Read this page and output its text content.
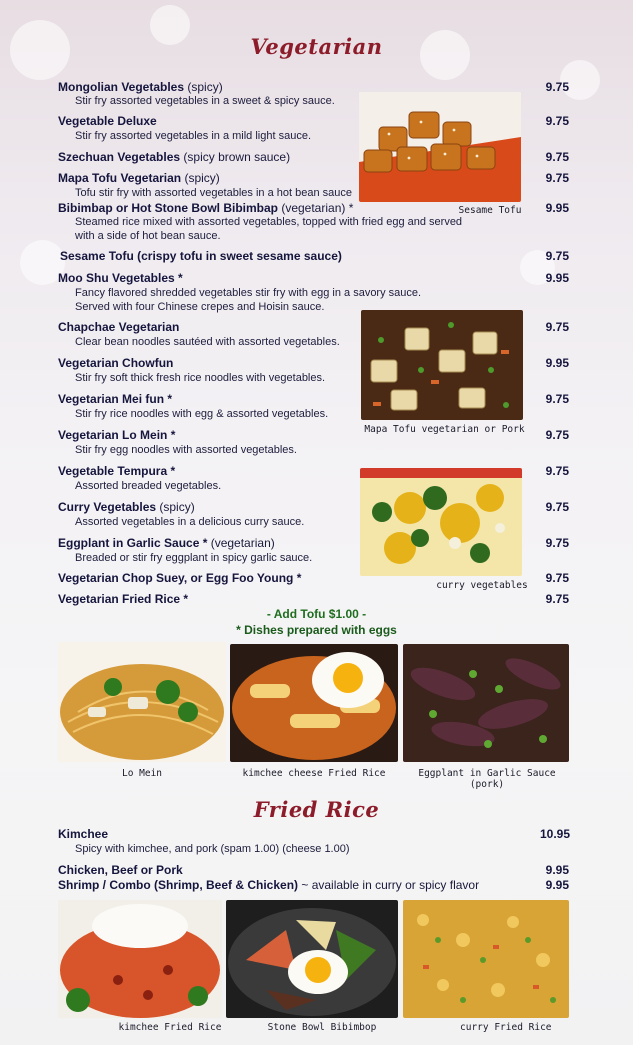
Vegetarian
Mongolian Vegetables (spicy)
Stir fry assorted vegetables in a sweet & spicy sauce.
9.75
Vegetable Deluxe
Stir fry assorted vegetables in a mild light sauce.
9.75
Szechuan Vegetables (spicy brown sauce)	9.75
Mapa Tofu Vegetarian (spicy)
Tofu stir fry with assorted vegetables in a hot bean sauce
9.75
Bibimbap or Hot Stone Bowl Bibimbap (vegetarian) *
Steamed rice mixed with assorted vegetables, topped with fried egg and served
with a side of hot bean sauce.
9.95
Sesame Tofu (crispy tofu in sweet sesame sauce)	9.75
Moo Shu Vegetables *
Fancy flavored shredded vegetables stir fry with egg in a savory sauce.
Served with four Chinese crepes and Hoisin sauce.
9.95
Chapchae Vegetarian
Clear bean noodles sautéed with assorted vegetables.
9.75
Vegetarian Chowfun
Stir fry soft thick fresh rice noodles with vegetables.
9.95
Vegetarian Mei fun *
Stir fry rice noodles with egg & assorted vegetables.
9.75
Vegetarian Lo Mein *
Stir fry egg noodles with assorted vegetables.
9.75
Vegetable Tempura *
Assorted breaded vegetables.
9.75
Curry Vegetables (spicy)
Assorted vegetables in a delicious curry sauce.
9.75
Eggplant in Garlic Sauce * (vegetarian)
Breaded or stir fry eggplant in spicy garlic sauce.
9.75
Vegetarian Chop Suey, or Egg Foo Young *	9.75
Vegetarian Fried Rice *	9.75
Sesame Tofu
Mapa Tofu vegetarian or Pork
curry vegetables
- Add Tofu $1.00 -
* Dishes prepared with eggs
Lo Mein	kimchee cheese Fried Rice	Eggplant in Garlic Sauce (pork)
Fried Rice
Kimchee
Spicy with kimchee, and pork (spam 1.00) (cheese 1.00)
10.95
Chicken, Beef or Pork	9.95
Shrimp / Combo (Shrimp, Beef & Chicken) ~ available in curry or spicy flavor	9.95
kimchee Fried Rice	Stone Bowl Bibimbop	curry Fried Rice
